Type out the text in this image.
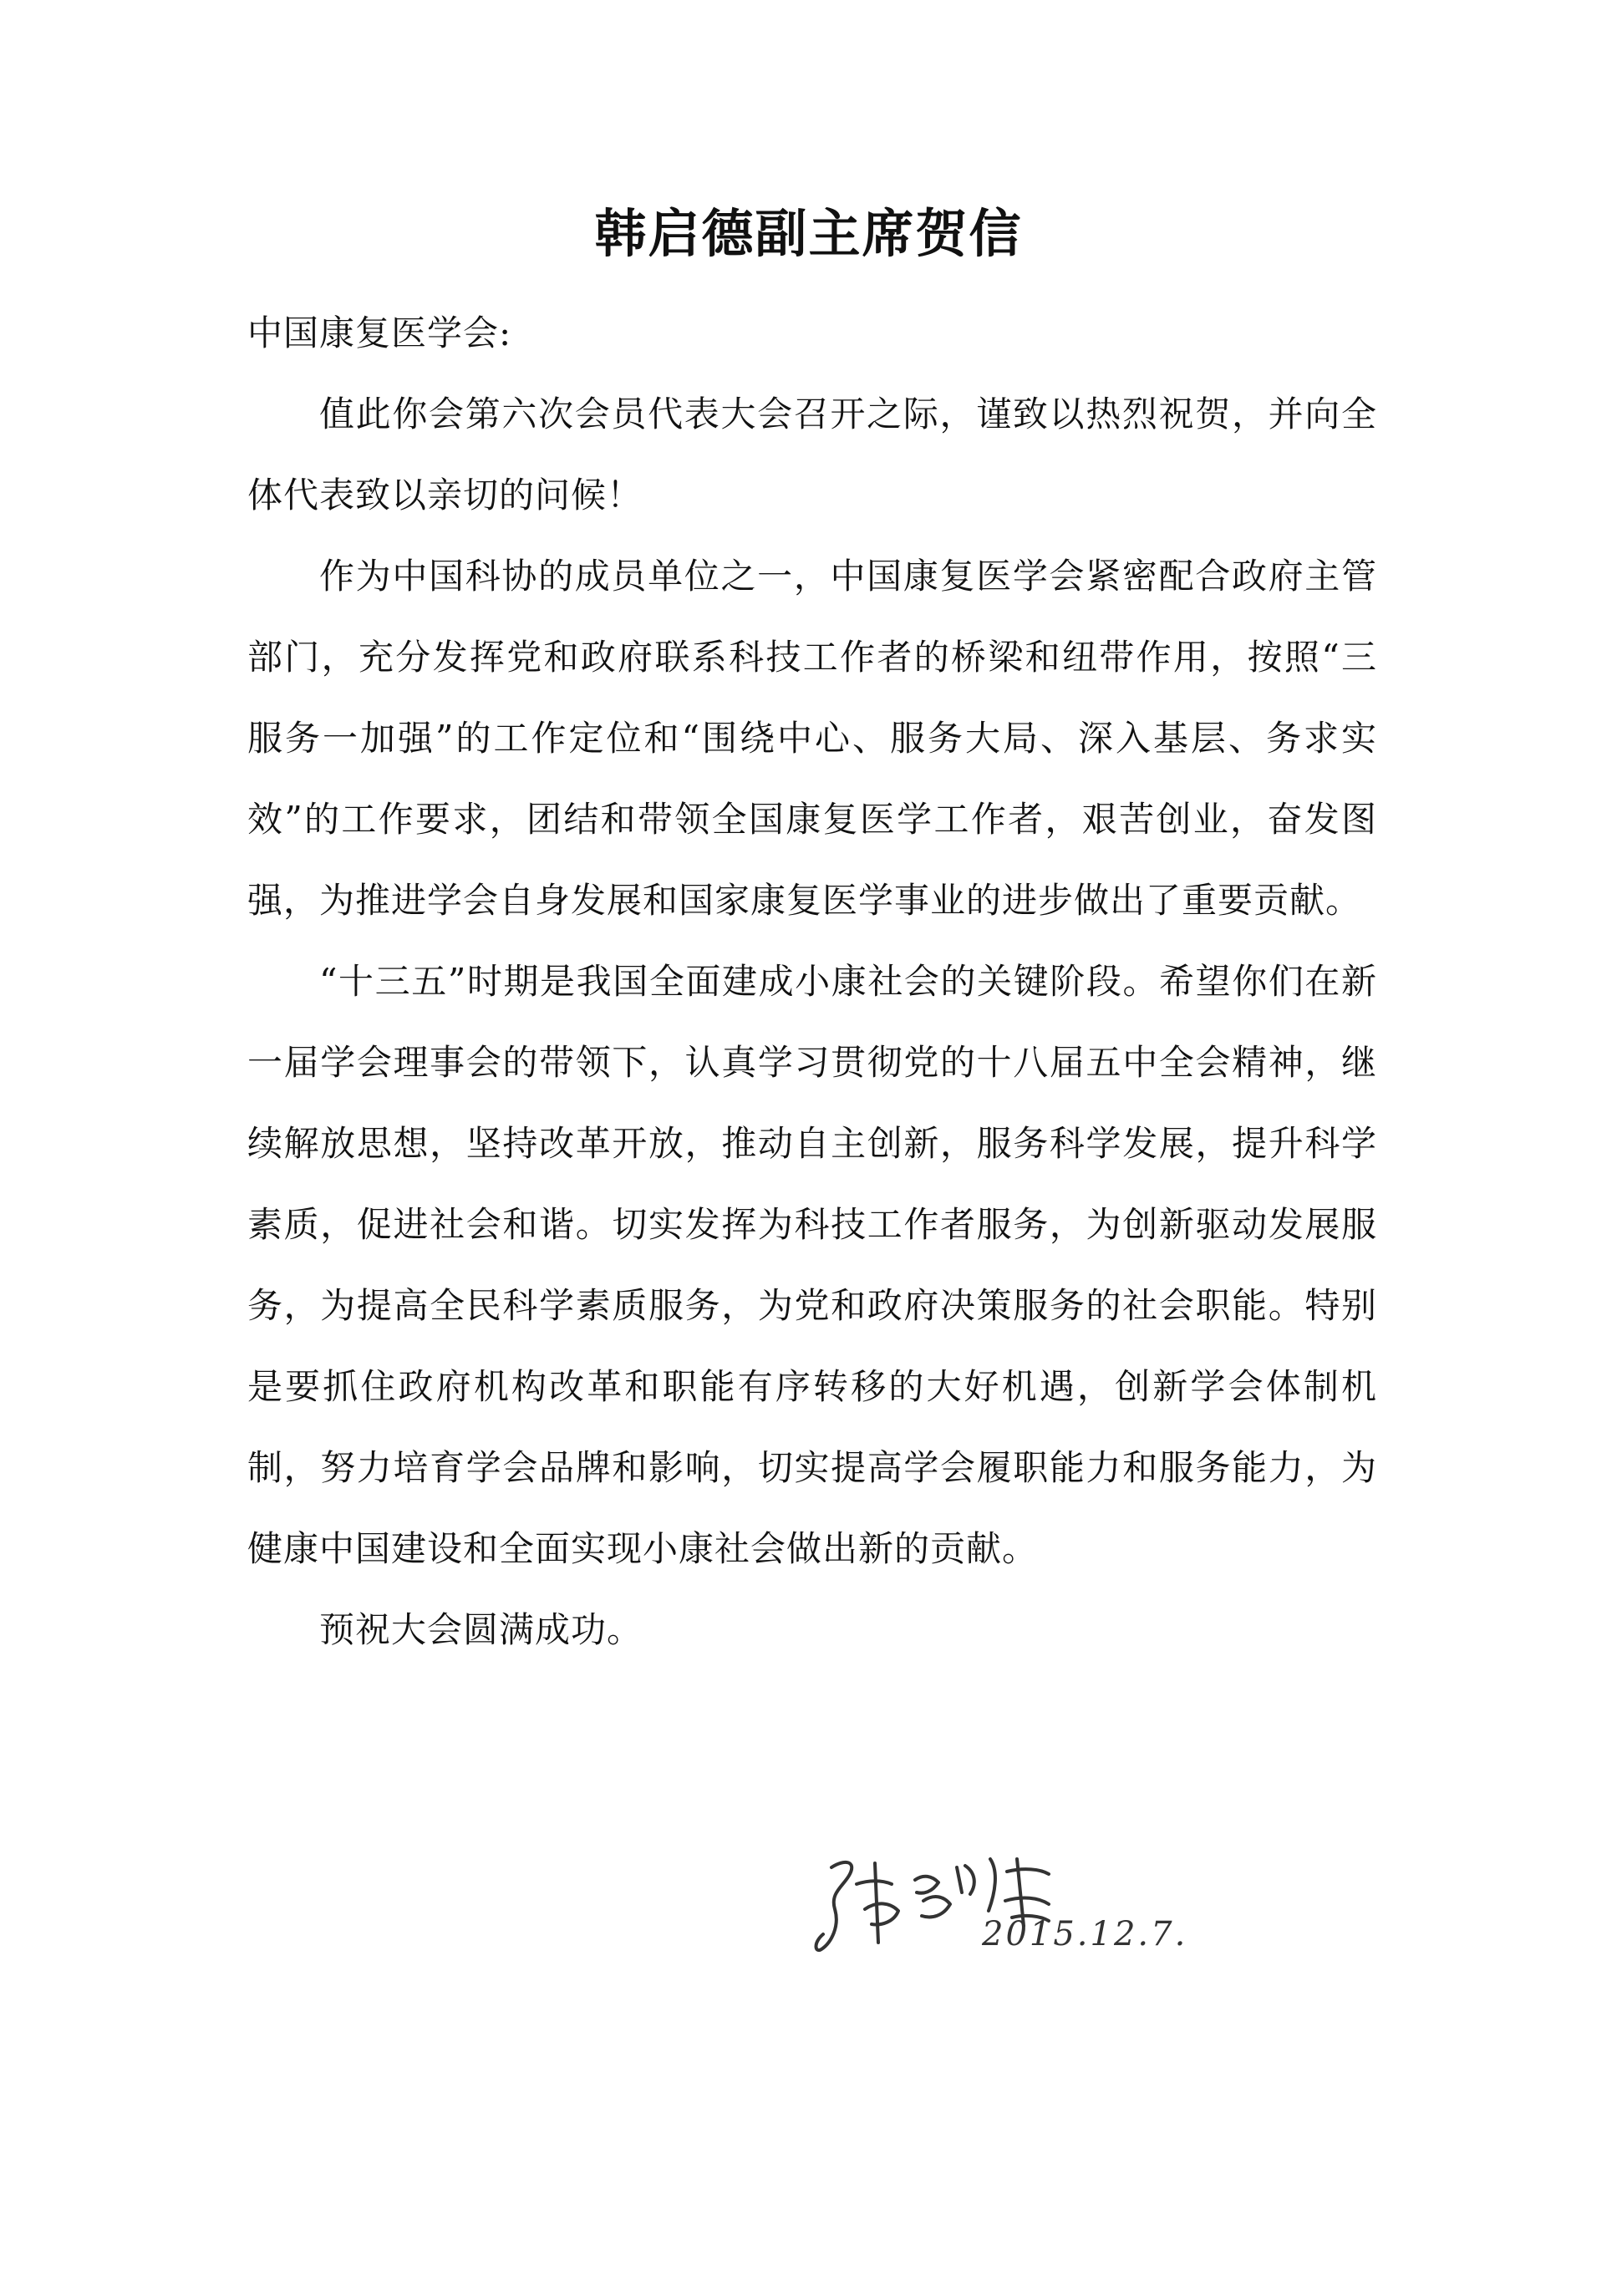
韩启德副主席贺信

中国康复医学会:

值此你会第六次会员代表大会召开之际，谨致以热烈祝贺，并向全体代表致以亲切的问候！

作为中国科协的成员单位之一，中国康复医学会紧密配合政府主管部门，充分发挥党和政府联系科技工作者的桥梁和纽带作用，按照“三服务一加强”的工作定位和“围绕中心、服务大局、深入基层、务求实效”的工作要求，团结和带领全国康复医学工作者，艰苦创业，奋发图强，为推进学会自身发展和国家康复医学事业的进步做出了重要贡献。

“十三五”时期是我国全面建成小康社会的关键阶段。希望你们在新一届学会理事会的带领下，认真学习贯彻党的十八届五中全会精神，继续解放思想，坚持改革开放，推动自主创新，服务科学发展，提升科学素质，促进社会和谐。切实发挥为科技工作者服务，为创新驱动发展服务，为提高全民科学素质服务，为党和政府决策服务的社会职能。特别是要抓住政府机构改革和职能有序转移的大好机遇，创新学会体制机制，努力培育学会品牌和影响，切实提高学会履职能力和服务能力，为健康中国建设和全面实现小康社会做出新的贡献。

预祝大会圆满成功。

2015.12.7.
